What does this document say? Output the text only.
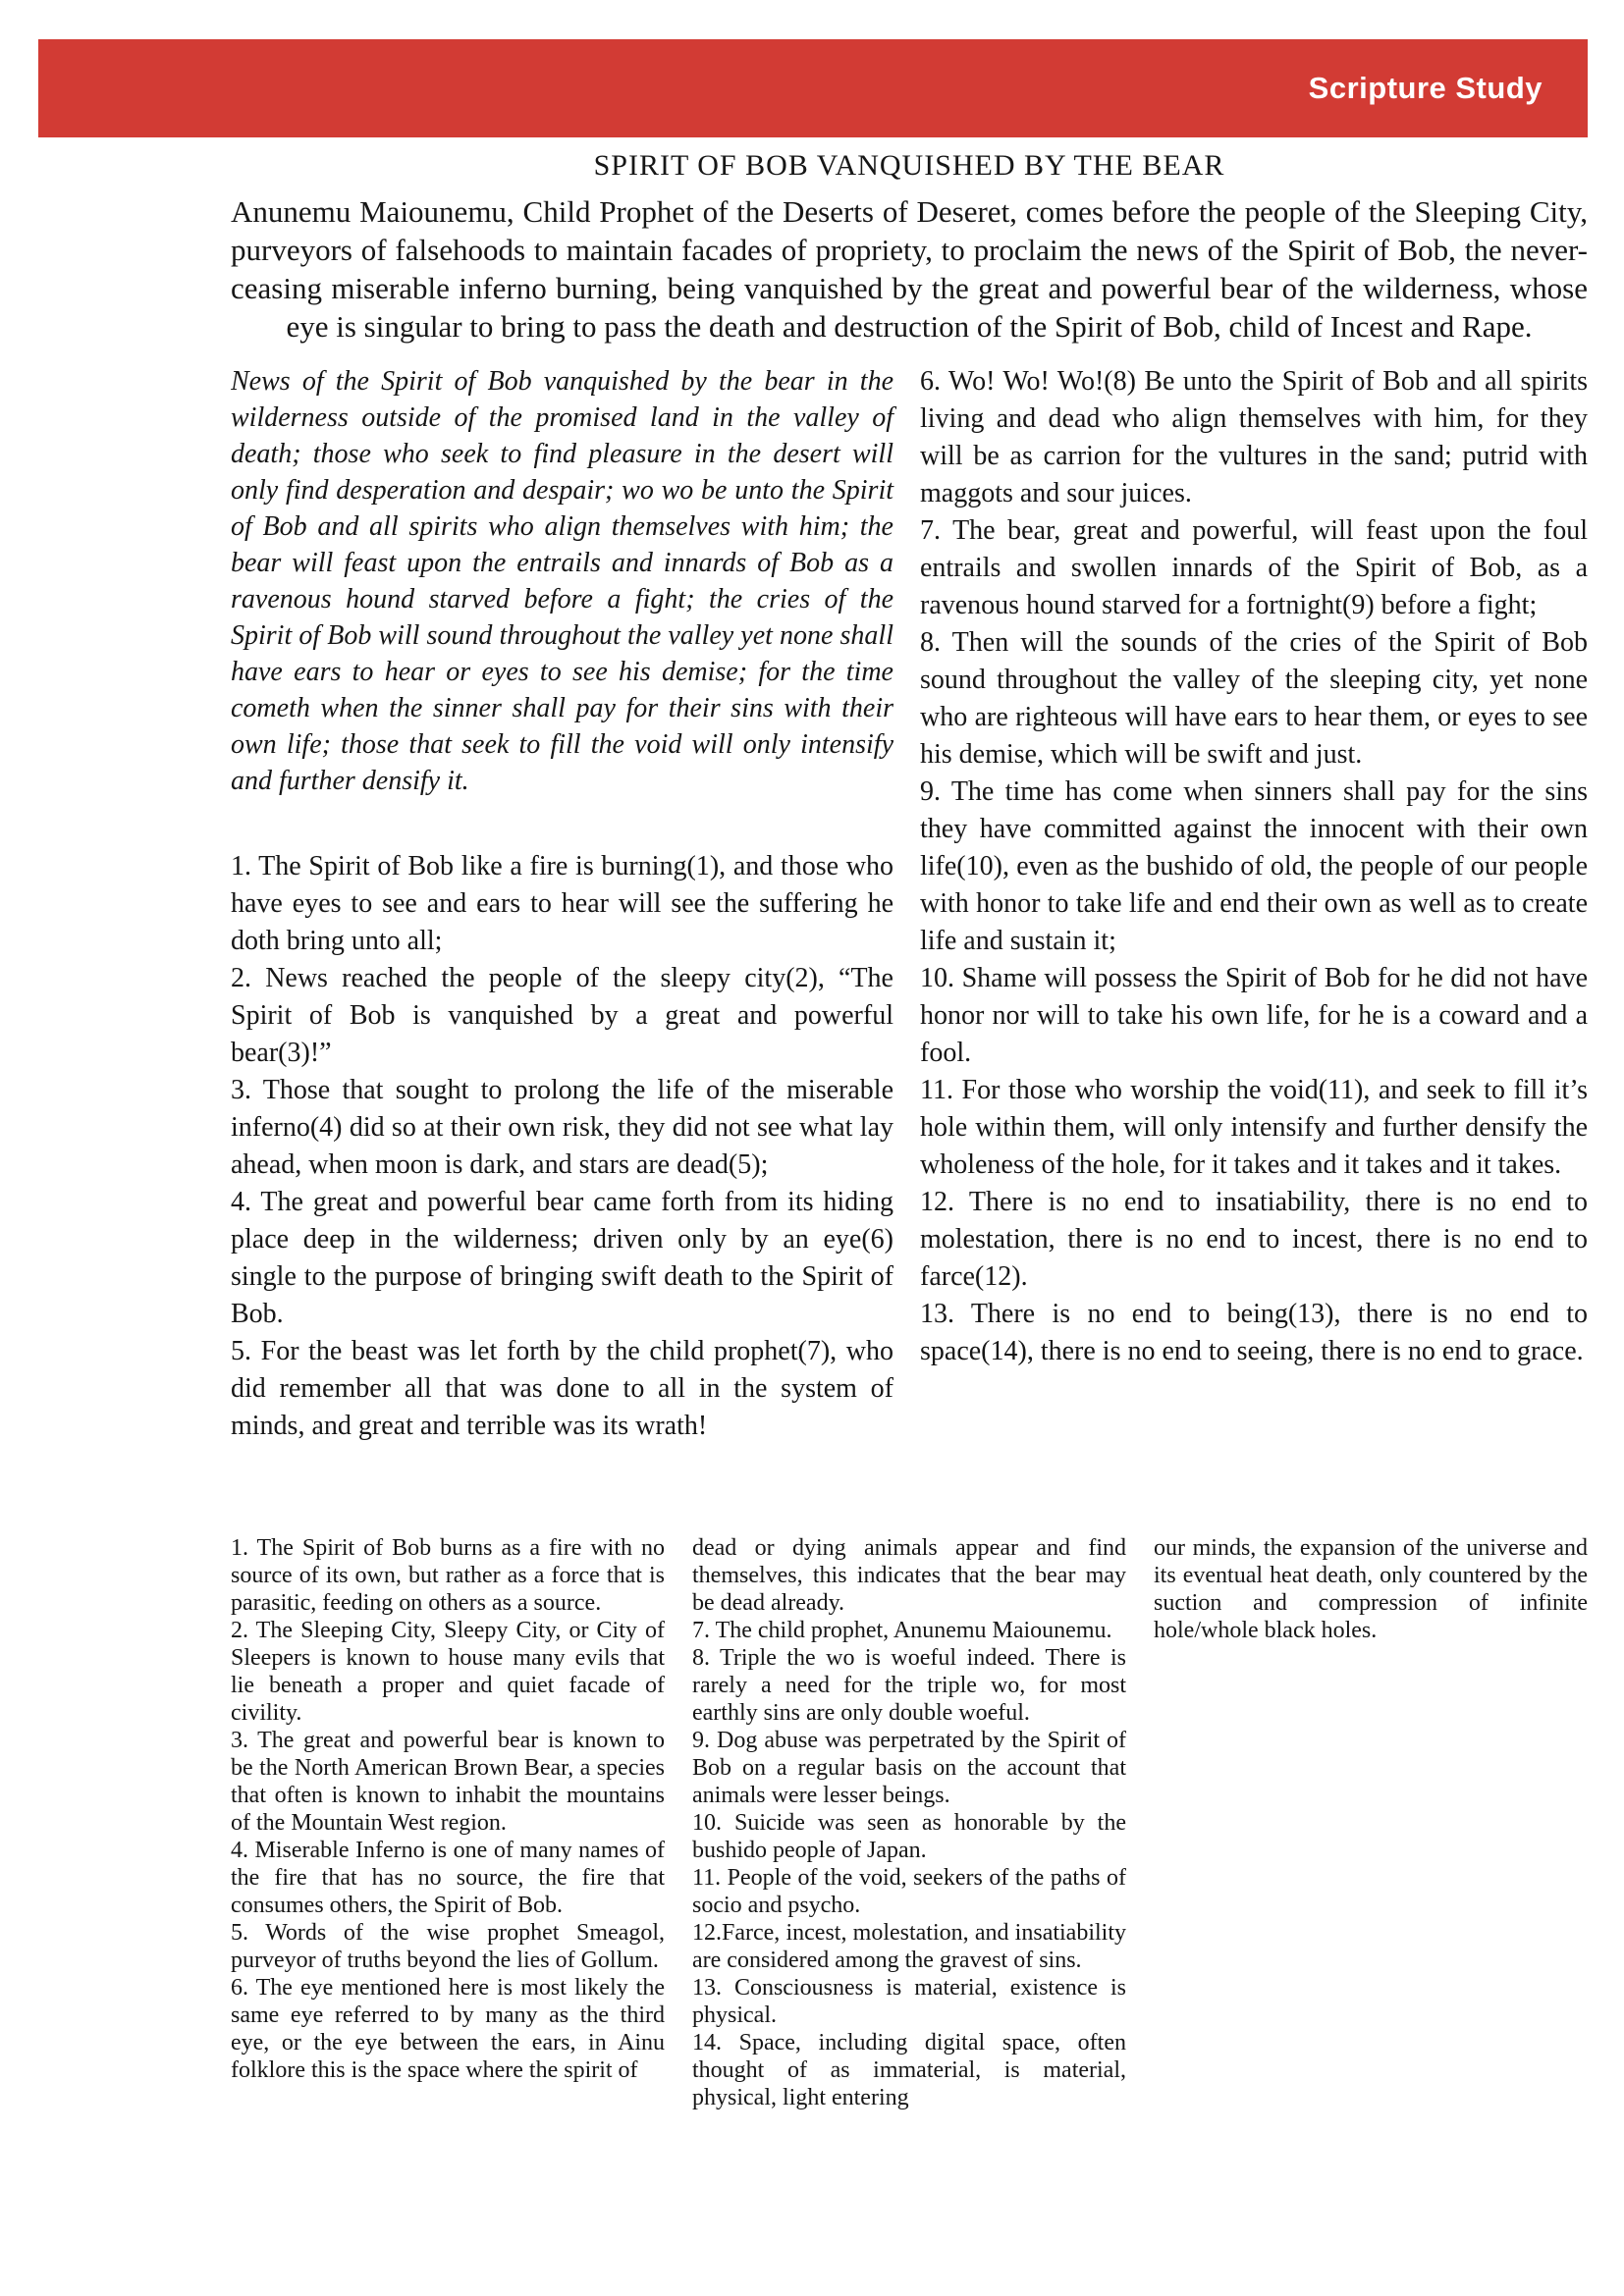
Scripture Study
SPIRIT OF BOB VANQUISHED BY THE BEAR

Anunemu Maiounemu, Child Prophet of the Deserts of Deseret, comes before the people of the Sleeping City, purveyors of falsehoods to maintain facades of propriety, to proclaim the news of the Spirit of Bob, the never-ceasing miserable inferno burning, being vanquished by the great and powerful bear of the wilderness, whose eye is singular to bring to pass the death and destruction of the Spirit of Bob, child of Incest and Rape.

News of the Spirit of Bob vanquished by the bear in the wilderness outside of the promised land in the valley of death; those who seek to find pleasure in the desert will only find desperation and despair; wo wo be unto the Spirit of Bob and all spirits who align themselves with him; the bear will feast upon the entrails and innards of Bob as a ravenous hound starved before a fight; the cries of the Spirit of Bob will sound throughout the valley yet none shall have ears to hear or eyes to see his demise; for the time cometh when the sinner shall pay for their sins with their own life; those that seek to fill the void will only intensify and further densify it.

1. The Spirit of Bob like a fire is burning(1), and those who have eyes to see and ears to hear will see the suffering he doth bring unto all;

2. News reached the people of the sleepy city(2), “The Spirit of Bob is vanquished by a great and powerful bear(3)!”

3. Those that sought to prolong the life of the miserable inferno(4) did so at their own risk, they did not see what lay ahead, when moon is dark, and stars are dead(5);

4. The great and powerful bear came forth from its hiding place deep in the wilderness; driven only by an eye(6) single to the purpose of bringing swift death to the Spirit of Bob.

5. For the beast was let forth by the child prophet(7), who did remember all that was done to all in the system of minds, and great and terrible was its wrath!

6. Wo! Wo! Wo!(8) Be unto the Spirit of Bob and all spirits living and dead who align themselves with him, for they will be as carrion for the vultures in the sand; putrid with maggots and sour juices.

7. The bear, great and powerful, will feast upon the foul entrails and swollen innards of the Spirit of Bob, as a ravenous hound starved for a fortnight(9) before a fight;

8. Then will the sounds of the cries of the Spirit of Bob sound throughout the valley of the sleeping city, yet none who are righteous will have ears to hear them, or eyes to see his demise, which will be swift and just.

9. The time has come when sinners shall pay for the sins they have committed against the innocent with their own life(10), even as the bushido of old, the people of our people with honor to take life and end their own as well as to create life and sustain it;

10. Shame will possess the Spirit of Bob for he did not have honor nor will to take his own life, for he is a coward and a fool.

11. For those who worship the void(11), and seek to fill it’s hole within them, will only intensify and further densify the wholeness of the hole, for it takes and it takes and it takes.

12. There is no end to insatiability, there is no end to molestation, there is no end to incest, there is no end to farce(12).

13. There is no end to being(13), there is no end to space(14), there is no end to seeing, there is no end to grace.

1. The Spirit of Bob burns as a fire with no source of its own, but rather as a force that is parasitic, feeding on others as a source.

2. The Sleeping City, Sleepy City, or City of Sleepers is known to house many evils that lie beneath a proper and quiet facade of civility.

3. The great and powerful bear is known to be the North American Brown Bear, a species that often is known to inhabit the mountains of the Mountain West region.

4. Miserable Inferno is one of many names of the fire that has no source, the fire that consumes others, the Spirit of Bob.

5. Words of the wise prophet Smeagol, purveyor of truths beyond the lies of Gollum.

6. The eye mentioned here is most likely the same eye referred to by many as the third eye, or the eye between the ears, in Ainu folklore this is the space where the spirit of

dead or dying animals appear and find themselves, this indicates that the bear may be dead already.

7. The child prophet, Anunemu Maiounemu.

8. Triple the wo is woeful indeed. There is rarely a need for the triple wo, for most earthly sins are only double woeful.

9. Dog abuse was perpetrated by the Spirit of Bob on a regular basis on the account that animals were lesser beings.

10. Suicide was seen as honorable by the bushido people of Japan.

11. People of the void, seekers of the paths of socio and psycho.

12.Farce, incest, molestation, and insatiability are considered among the gravest of sins.

13. Consciousness is material, existence is physical.

14. Space, including digital space, often thought of as immaterial, is material, physical, light entering

our minds, the expansion of the universe and its eventual heat death, only countered by the suction and compression of infinite hole/whole black holes.
